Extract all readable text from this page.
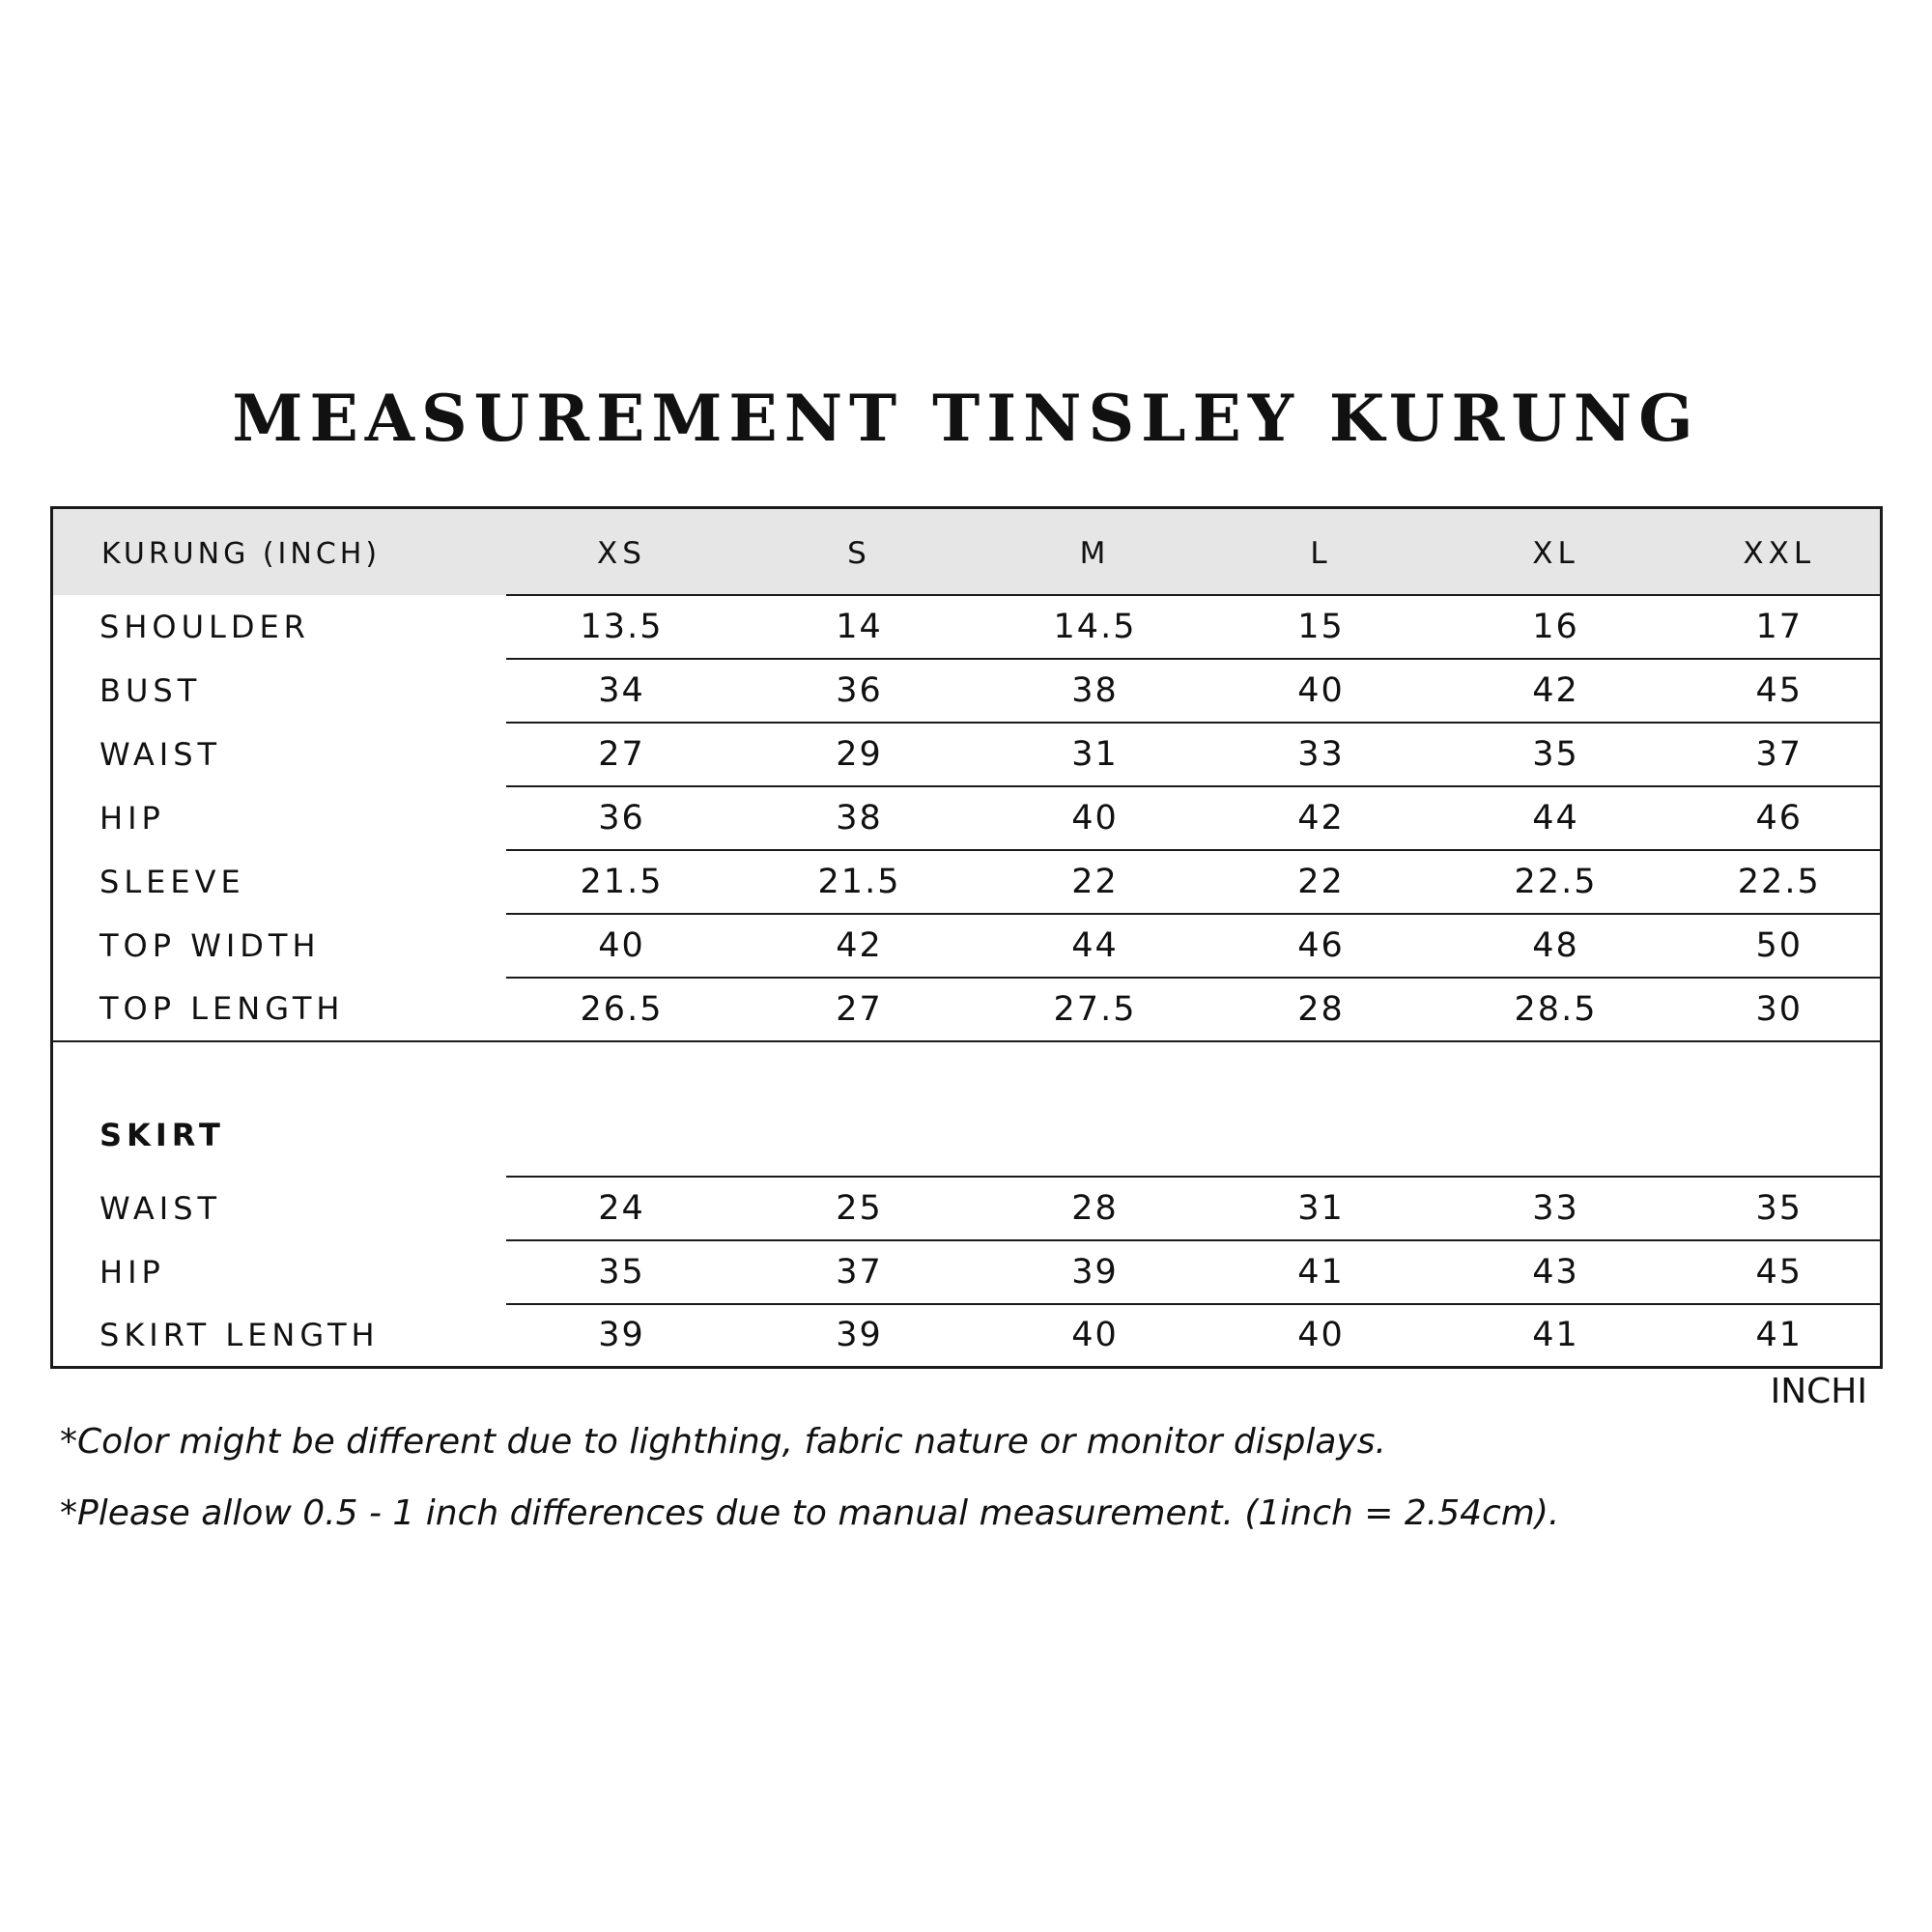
MEASUREMENT TINSLEY KURUNG
KURUNG (INCH)	XS	S	M	L	XL	XXL
SHOULDER	13.5	14	14.5	15	16	17
BUST	34	36	38	40	42	45
WAIST	27	29	31	33	35	37
HIP	36	38	40	42	44	46
SLEEVE	21.5	21.5	22	22	22.5	22.5
TOP WIDTH	40	42	44	46	48	50
TOP LENGTH	26.5	27	27.5	28	28.5	30
SKIRT						
WAIST	24	25	28	31	33	35
HIP	35	37	39	41	43	45
SKIRT LENGTH	39	39	40	40	41	41

INCHI

*Color might be different due to lighthing, fabric nature or monitor displays.

*Please allow 0.5 - 1 inch differences due to manual measurement. (1inch = 2.54cm).
